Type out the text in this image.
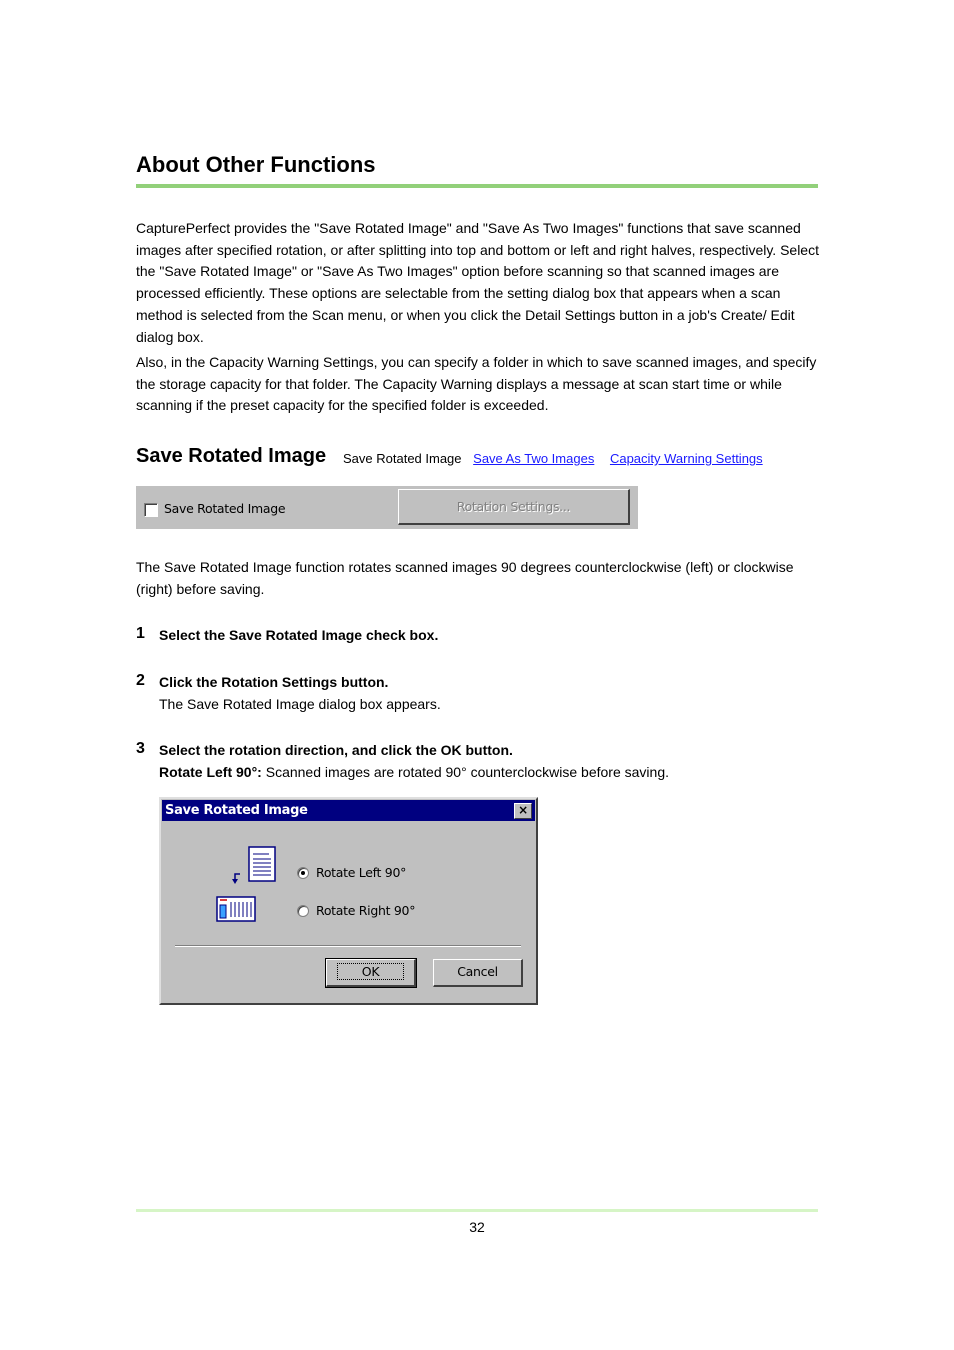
About Other Functions

CapturePerfect provides the "Save Rotated Image" and "Save As Two Images" functions that save scanned images after specified rotation, or after splitting into top and bottom or left and right halves, respectively. Select the "Save Rotated Image" or "Save As Two Images" option before scanning so that scanned images are processed efficiently. These options are selectable from the setting dialog box that appears when a scan method is selected from the Scan menu, or when you click the Detail Settings button in a job's Create/ Edit dialog box.

Also, in the Capacity Warning Settings, you can specify a folder in which to save scanned images, and specify the storage capacity for that folder. The Capacity Warning displays a message at scan start time or while scanning if the preset capacity for the specified folder is exceeded.

Save Rotated Image Save Rotated Image Save As Two Images Capacity Warning Settings
Save Rotated Image	Rotation Settings...

The Save Rotated Image function rotates scanned images 90 degrees counterclockwise (left) or clockwise (right) before saving.

1 Select the Save Rotated Image check box.
2 Click the Rotation Settings button.
The Save Rotated Image dialog box appears.
3 Select the rotation direction, and click the OK button.
Rotate Left 90°: Scanned images are rotated 90° counterclockwise before saving.
Save Rotated Image	×
Rotate Left 90°
Rotate Right 90°
OK	Cancel
32
